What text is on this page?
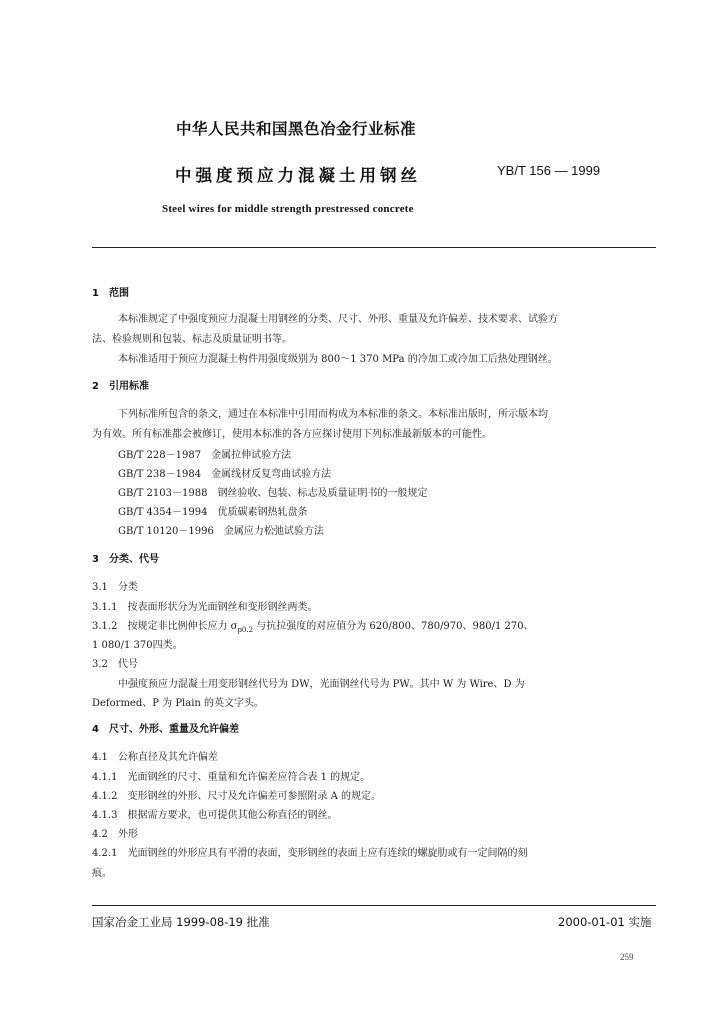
中华人民共和国黑色冶金行业标准
中强度预应力混凝土用钢丝	YB/T 156 — 1999
Steel wires for middle strength prestressed concrete
1　范围
本标准规定了中强度预应力混凝土用钢丝的分类、尺寸、外形、重量及允许偏差、技术要求、试验方
法、检验规则和包装、标志及质量证明书等。
本标准适用于预应力混凝土构件用强度级别为 800～1 370 MPa 的冷加工或冷加工后热处理钢丝。
2　引用标准
下列标准所包含的条文，通过在本标准中引用而构成为本标准的条文。本标准出版时，所示版本均
为有效。所有标准都会被修订，使用本标准的各方应探讨使用下列标准最新版本的可能性。
GB/T 228－1987　金属拉伸试验方法
GB/T 238－1984　金属线材反复弯曲试验方法
GB/T 2103－1988　钢丝验收、包装、标志及质量证明书的一般规定
GB/T 4354－1994　优质碳素钢热轧盘条
GB/T 10120－1996　金属应力松弛试验方法
3　分类、代号
3.1　分类
3.1.1　按表面形状分为光面钢丝和变形钢丝两类。
3.1.2　按规定非比例伸长应力 $\sigma_{p0.2}$ 与抗拉强度的对应值分为 620/800、780/970、980/1 270、
1 080/1 370四类。
3.2　代号
中强度预应力混凝土用变形钢丝代号为 DW，光面钢丝代号为 PW。其中 W 为 Wire、D 为
Deformed、P 为 Plain 的英文字头。
4　尺寸、外形、重量及允许偏差
4.1　公称直径及其允许偏差
4.1.1　光面钢丝的尺寸、重量和允许偏差应符合表 1 的规定。
4.1.2　变形钢丝的外形、尺寸及允许偏差可参照附录 A 的规定。
4.1.3　根据需方要求，也可提供其他公称直径的钢丝。
4.2　外形
4.2.1　光面钢丝的外形应具有平滑的表面，变形钢丝的表面上应有连续的螺旋肋或有一定间隔的刻
痕。
国家冶金工业局 1999-08-19 批准	2000-01-01 实施
259
